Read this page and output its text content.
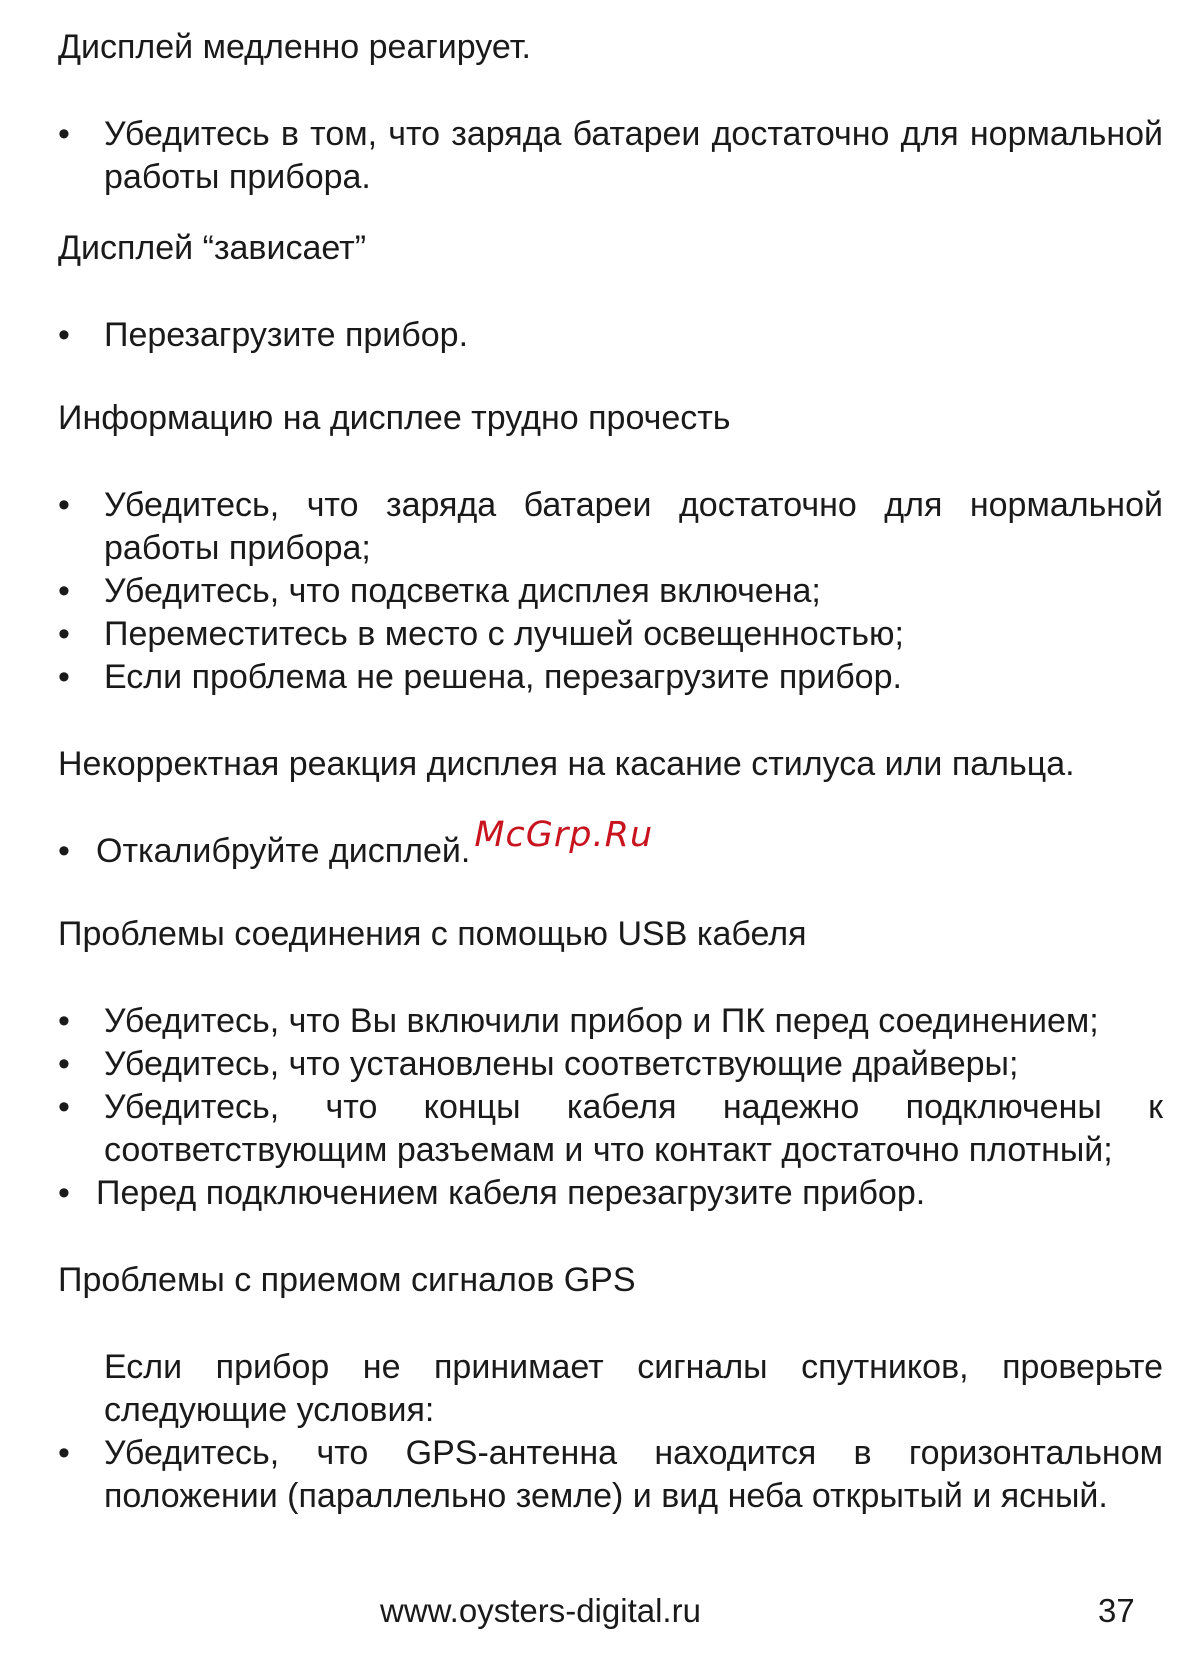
Дисплей медленно реагирует.

• Убедитесь в том, что заряда батареи достаточно для нормальной работы прибора.

Дисплей “зависает”

• Перезагрузите прибор.

Информацию на дисплее трудно прочесть

• Убедитесь, что заряда батареи достаточно для нормальной работы прибора;
• Убедитесь, что подсветка дисплея включена;
• Переместитесь в место с лучшей освещенностью;
• Если проблема не решена, перезагрузите прибор.

Некорректная реакция дисплея на касание стилуса или пальца.

• Откалибруйте дисплей. McGrp.Ru

Проблемы соединения с помощью USB кабеля

• Убедитесь, что Вы включили прибор и ПК перед соединением;
• Убедитесь, что установлены соответствующие драйверы;
• Убедитесь, что концы кабеля надежно подключены к соответствующим разъемам и что контакт достаточно плотный;
• Перед подключением кабеля перезагрузите прибор.

Проблемы с приемом сигналов GPS

Если прибор не принимает сигналы спутников, проверьте следующие условия:

• Убедитесь, что GPS-антенна находится в горизонтальном положении (параллельно земле) и вид неба открытый и ясный.
www.oysters-digital.ru	37
